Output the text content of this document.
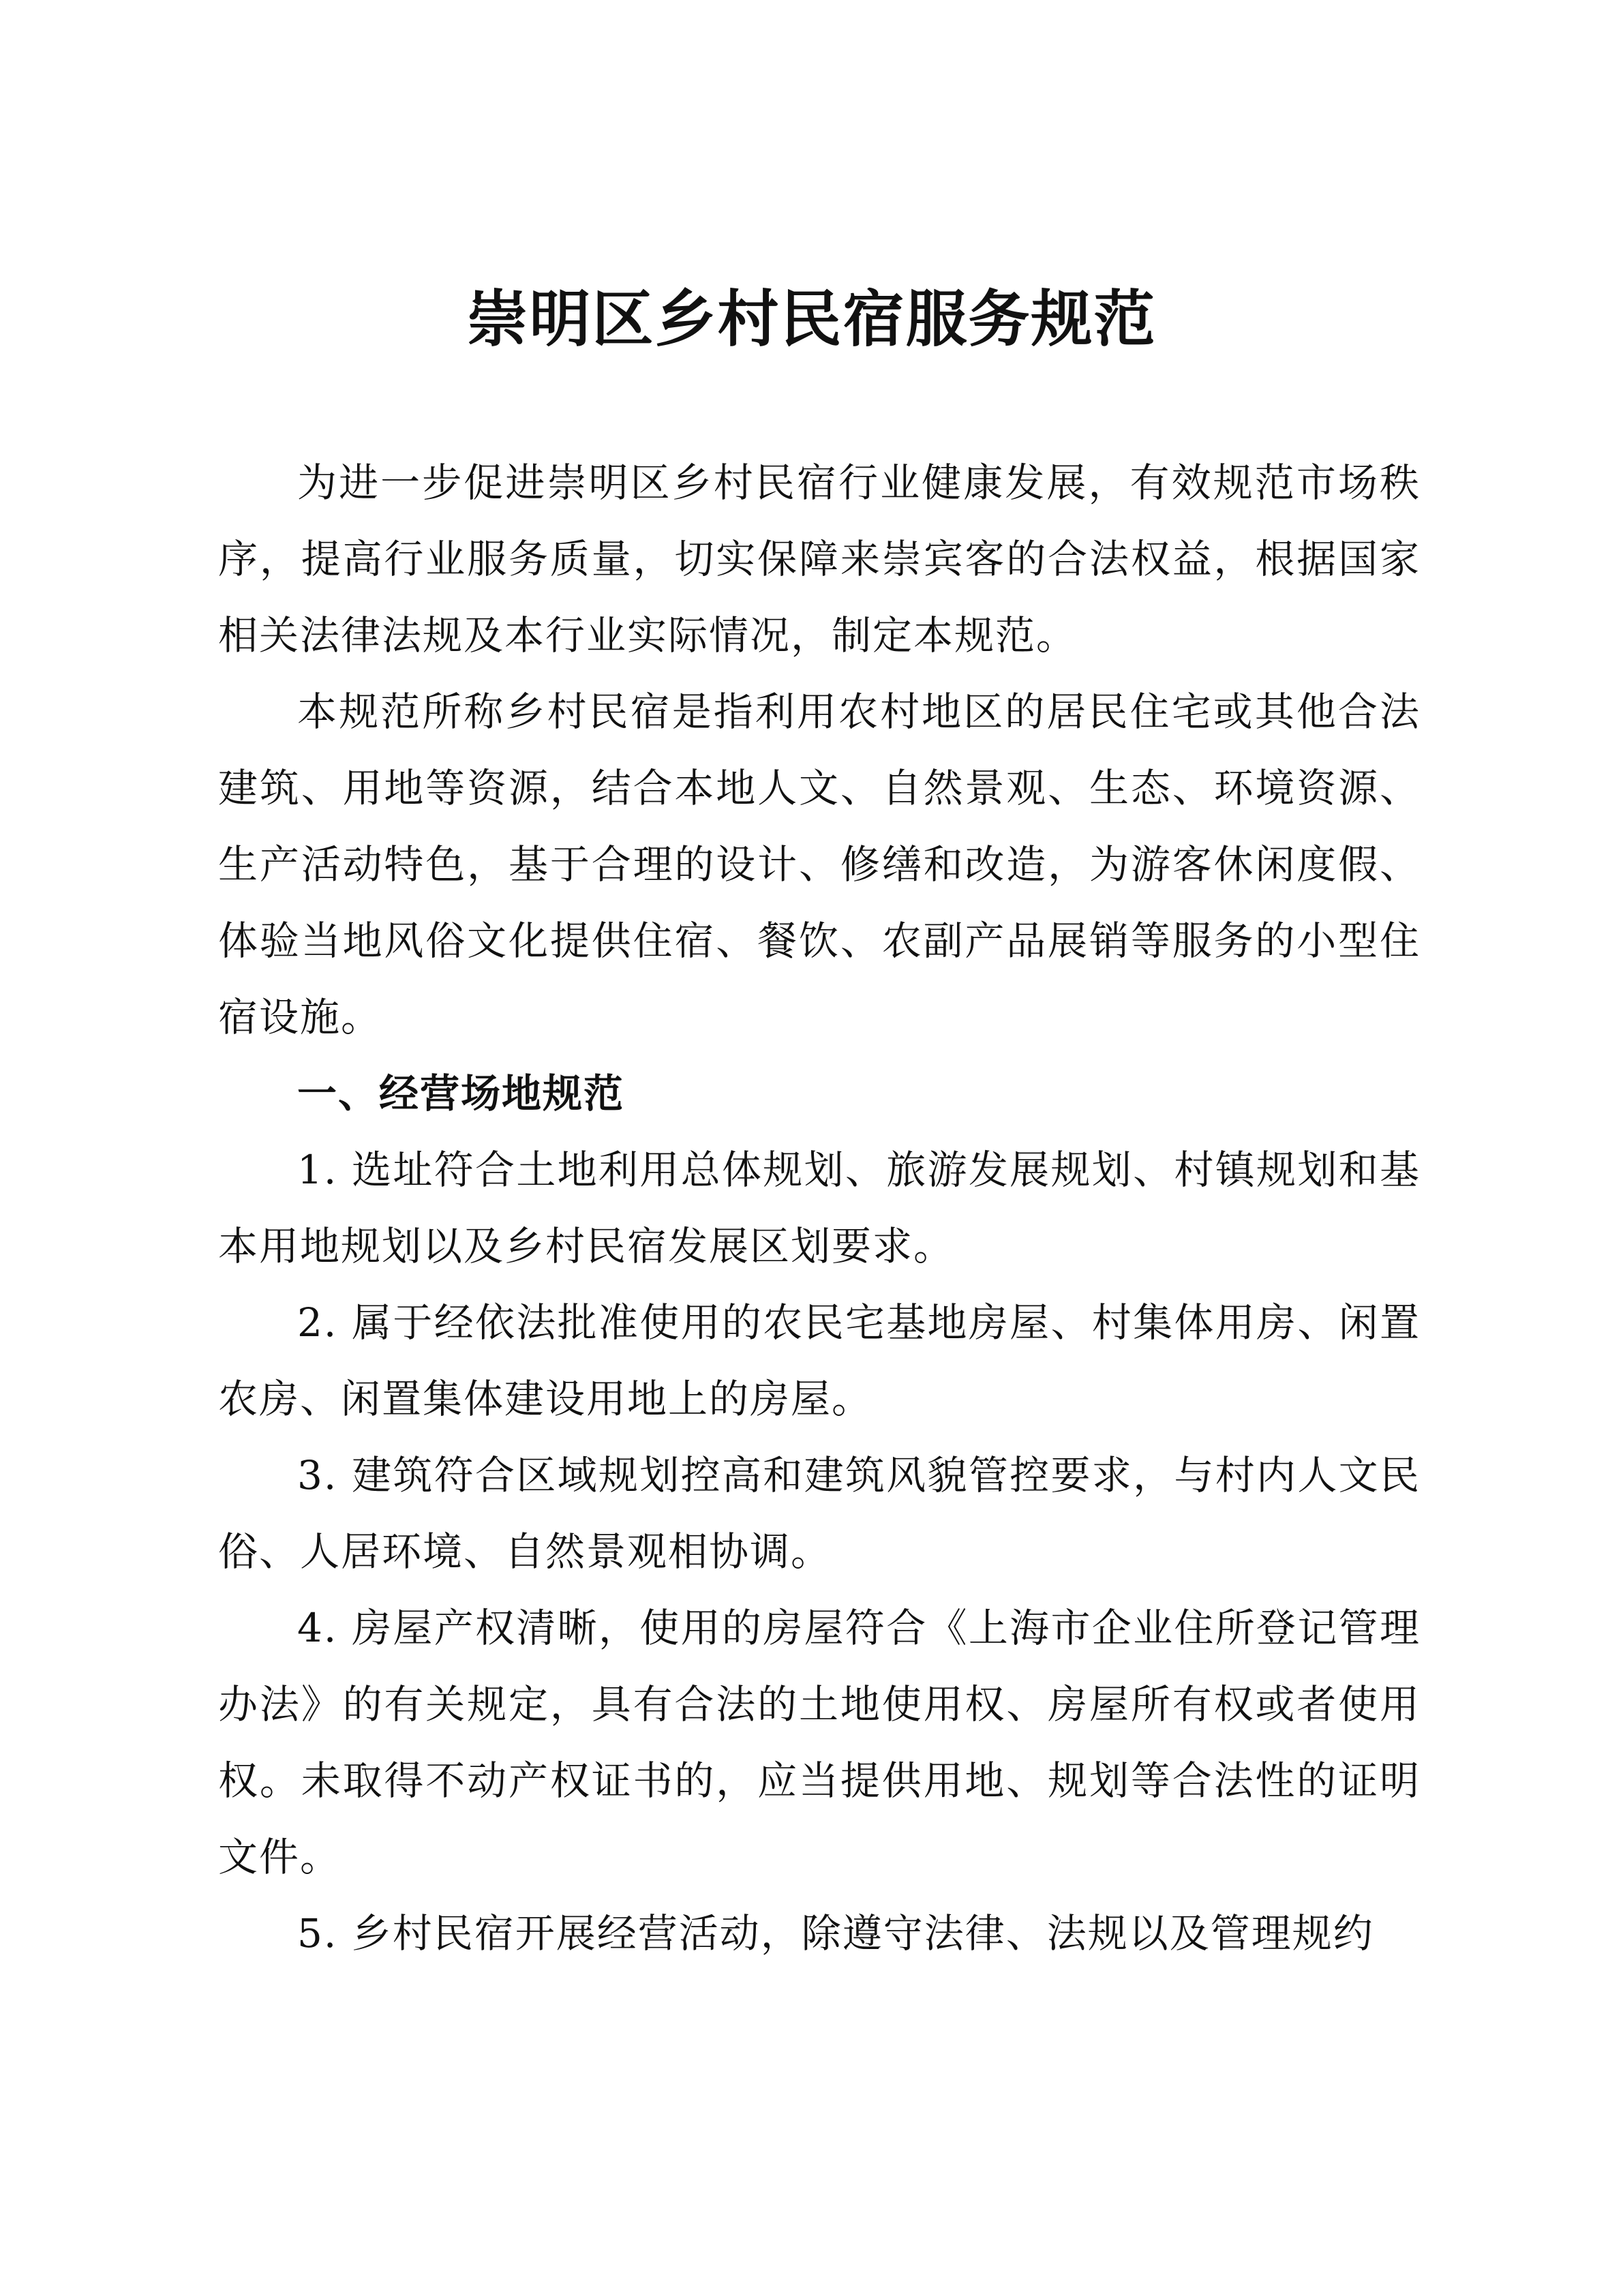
崇明区乡村民宿服务规范

为进一步促进崇明区乡村民宿行业健康发展，有效规范市场秩序，提高行业服务质量，切实保障来崇宾客的合法权益，根据国家相关法律法规及本行业实际情况，制定本规范。

本规范所称乡村民宿是指利用农村地区的居民住宅或其他合法建筑、用地等资源，结合本地人文、自然景观、生态、环境资源、生产活动特色，基于合理的设计、修缮和改造，为游客休闲度假、体验当地风俗文化提供住宿、餐饮、农副产品展销等服务的小型住宿设施。

一、经营场地规范

1. 选址符合土地利用总体规划、旅游发展规划、村镇规划和基本用地规划以及乡村民宿发展区划要求。

2. 属于经依法批准使用的农民宅基地房屋、村集体用房、闲置农房、闲置集体建设用地上的房屋。

3. 建筑符合区域规划控高和建筑风貌管控要求，与村内人文民俗、人居环境、自然景观相协调。

4. 房屋产权清晰，使用的房屋符合《上海市企业住所登记管理办法》的有关规定，具有合法的土地使用权、房屋所有权或者使用权。未取得不动产权证书的，应当提供用地、规划等合法性的证明文件。

5. 乡村民宿开展经营活动，除遵守法律、法规以及管理规约
